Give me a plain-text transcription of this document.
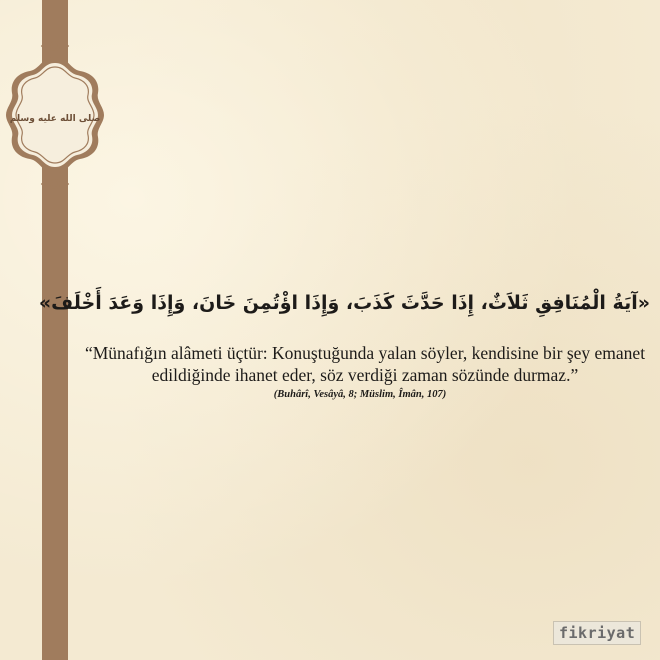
صلى الله عليه وسلم
«آيَةُ الْمُنَافِقِ ثَلاَثٌ، إِذَا حَدَّثَ كَذَبَ، وَإِذَا اؤْتُمِنَ خَانَ، وَإِذَا وَعَدَ أَخْلَفَ»
“Münafığın alâmeti üçtür: Konuştuğunda yalan söyler, kendisine bir şey emanet edildiğinde ihanet eder, söz verdiği zaman sözünde durmaz.”
(Buhârî, Vesâyâ, 8; Müslim, Îmân, 107)
fikriyat
